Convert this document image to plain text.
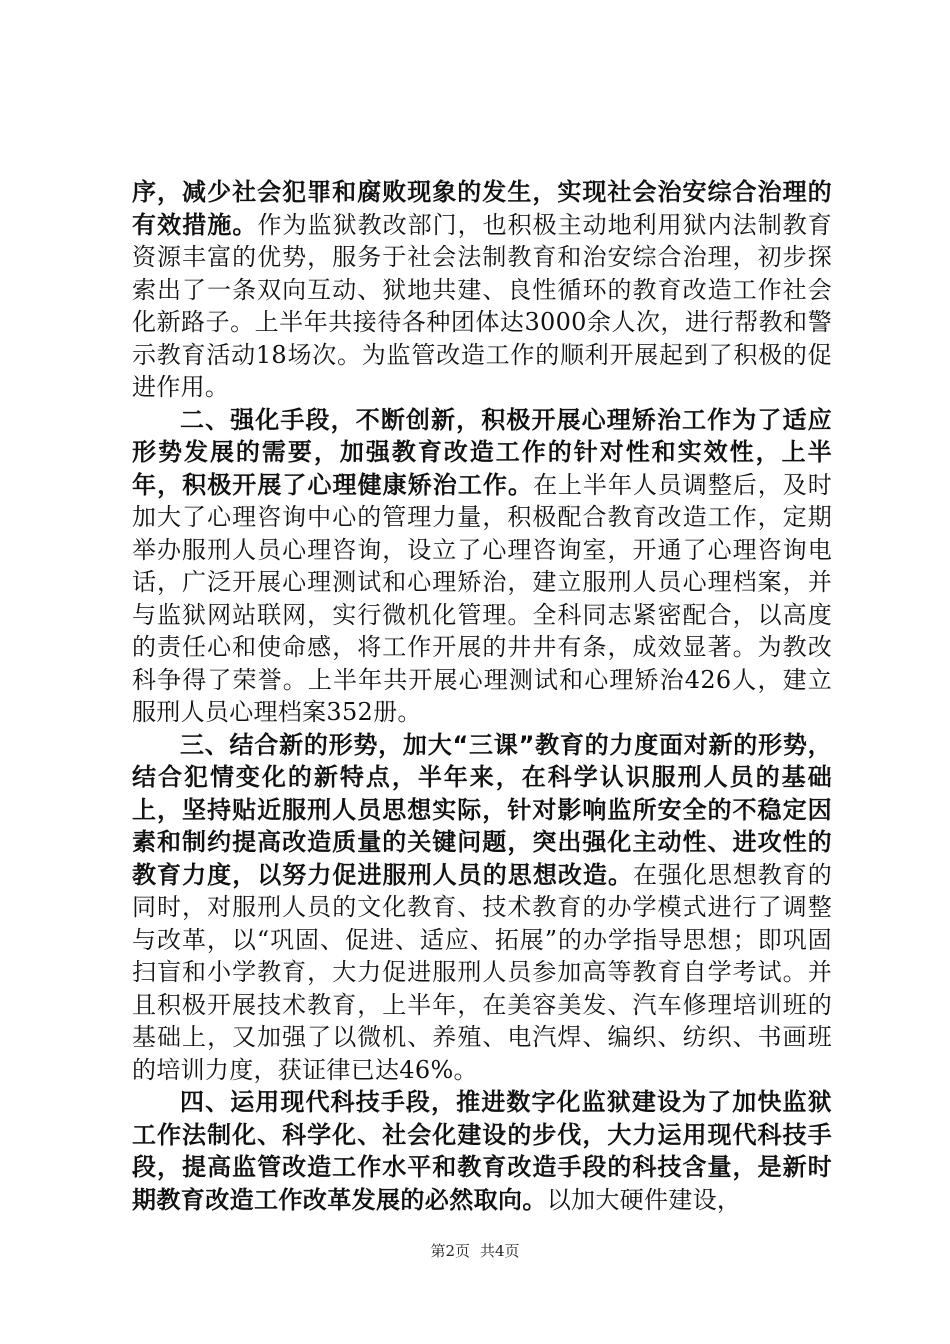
序，减少社会犯罪和腐败现象的发生，实现社会治安综合治理的有效措施。作为监狱教改部门，也积极主动地利用狱内法制教育资源丰富的优势，服务于社会法制教育和治安综合治理，初步探索出了一条双向互动、狱地共建、良性循环的教育改造工作社会化新路子。上半年共接待各种团体达3000余人次，进行帮教和警示教育活动18场次。为监管改造工作的顺利开展起到了积极的促进作用。

二、强化手段，不断创新，积极开展心理矫治工作为了适应形势发展的需要，加强教育改造工作的针对性和实效性，上半年，积极开展了心理健康矫治工作。在上半年人员调整后，及时加大了心理咨询中心的管理力量，积极配合教育改造工作，定期举办服刑人员心理咨询，设立了心理咨询室，开通了心理咨询电话，广泛开展心理测试和心理矫治，建立服刑人员心理档案，并与监狱网站联网，实行微机化管理。全科同志紧密配合，以高度的责任心和使命感，将工作开展的井井有条，成效显著。为教改科争得了荣誉。上半年共开展心理测试和心理矫治426人，建立服刑人员心理档案352册。

三、结合新的形势，加大“三课”教育的力度面对新的形势，结合犯情变化的新特点，半年来，在科学认识服刑人员的基础上，坚持贴近服刑人员思想实际，针对影响监所安全的不稳定因素和制约提高改造质量的关键问题，突出强化主动性、进攻性的教育力度，以努力促进服刑人员的思想改造。在强化思想教育的同时，对服刑人员的文化教育、技术教育的办学模式进行了调整与改革，以“巩固、促进、适应、拓展”的办学指导思想；即巩固扫盲和小学教育，大力促进服刑人员参加高等教育自学考试。并且积极开展技术教育，上半年，在美容美发、汽车修理培训班的基础上，又加强了以微机、养殖、电汽焊、编织、纺织、书画班的培训力度，获证律已达46%。

四、运用现代科技手段，推进数字化监狱建设为了加快监狱工作法制化、科学化、社会化建设的步伐，大力运用现代科技手段，提高监管改造工作水平和教育改造手段的科技含量，是新时期教育改造工作改革发展的必然取向。以加大硬件建设，

第2页 共4页
